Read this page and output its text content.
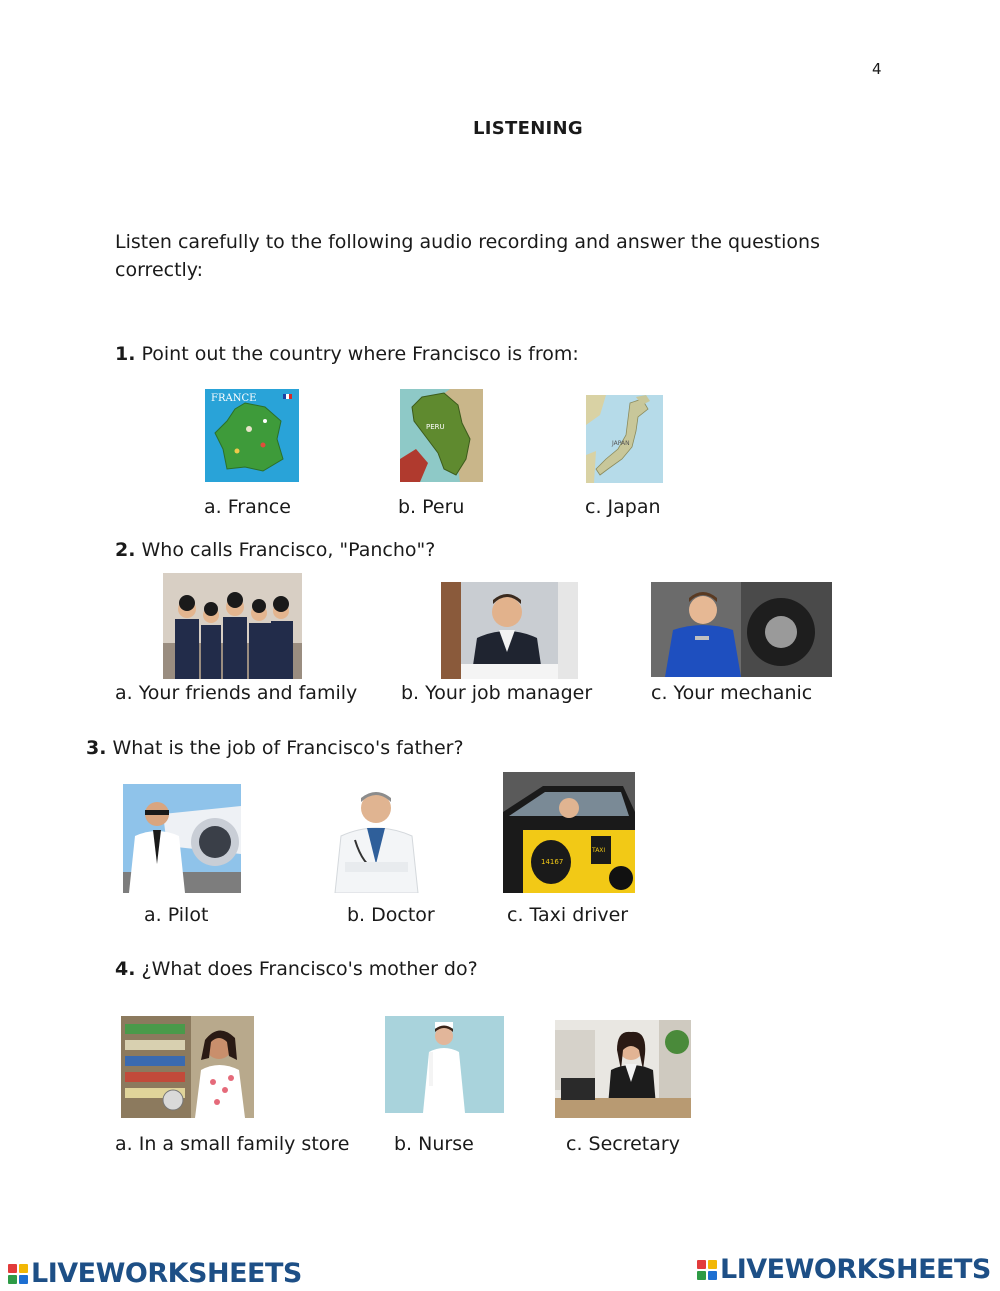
4
LISTENING
Listen carefully to the following audio recording and answer the questions correctly:
1. Point out the country where Francisco is from:
FRANCE
PERU
JAPAN
a. France	b. Peru	c. Japan
2. Who calls Francisco, "Pancho"?
a. Your friends and family b. Your job manager	c. Your mechanic
3. What is the job of Francisco's father?
14167
TAXI
a. Pilot	b. Doctor	c. Taxi driver
4. ¿What does Francisco's mother do?
a. In a small family store b. Nurse	c. Secretary
LIVEWORKSHEETS	LIVEWORKSHEETS
